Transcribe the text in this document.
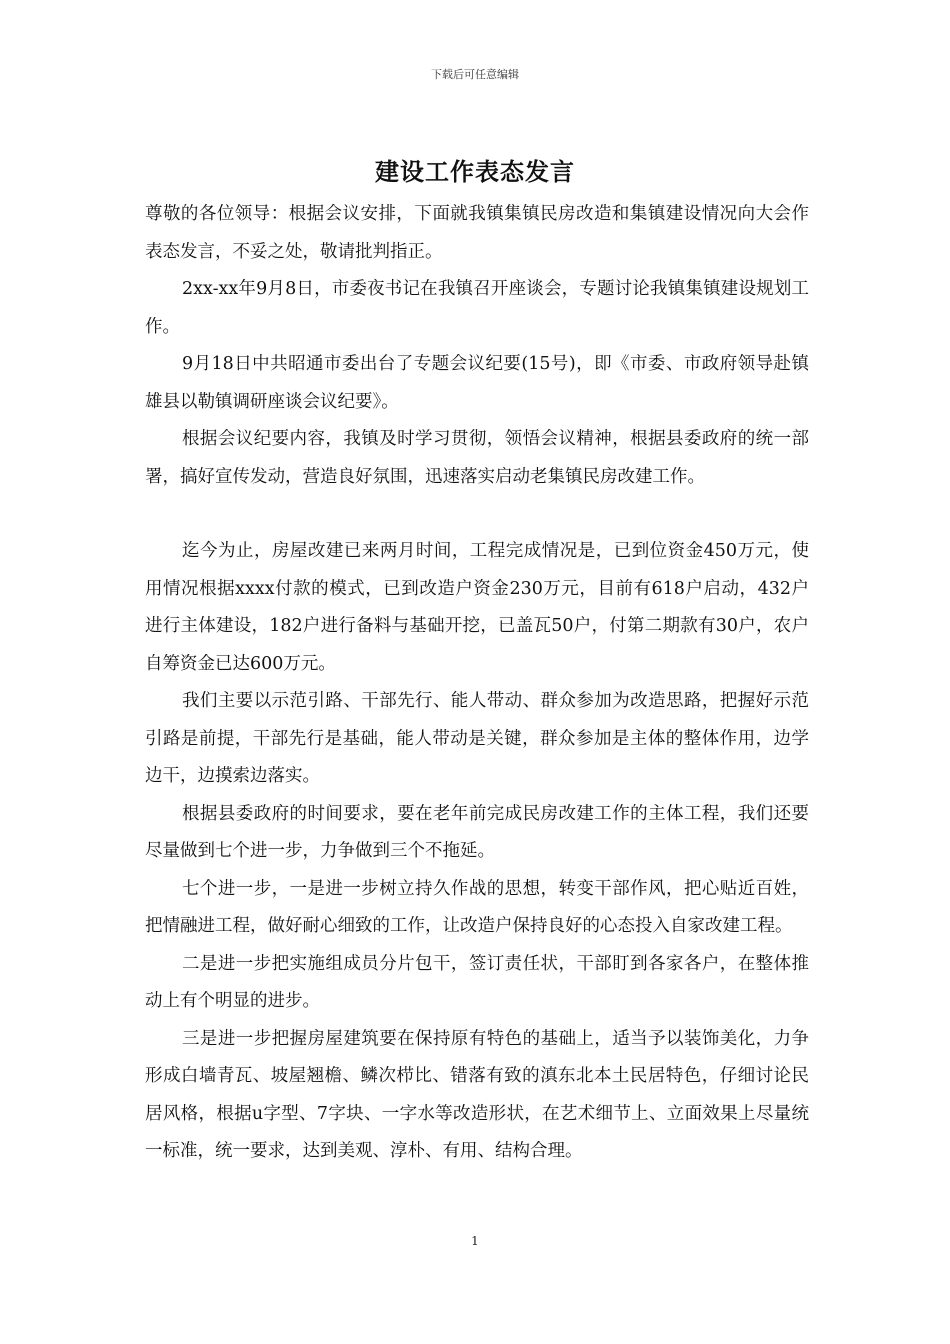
下载后可任意编辑
建设工作表态发言

尊敬的各位领导：根据会议安排，下面就我镇集镇民房改造和集镇建设情况向大会作表态发言，不妥之处，敬请批判指正。

2xx-xx年9月8日，市委夜书记在我镇召开座谈会，专题讨论我镇集镇建设规划工作。

9月18日中共昭通市委出台了专题会议纪要(15号)，即《市委、市政府领导赴镇雄县以勒镇调研座谈会议纪要》。

根据会议纪要内容，我镇及时学习贯彻，领悟会议精神，根据县委政府的统一部署，搞好宣传发动，营造良好氛围，迅速落实启动老集镇民房改建工作。

迄今为止，房屋改建已来两月时间，工程完成情况是，已到位资金450万元，使用情况根据xxxx付款的模式，已到改造户资金230万元，目前有618户启动，432户进行主体建设，182户进行备料与基础开挖，已盖瓦50户，付第二期款有30户，农户自筹资金已达600万元。

我们主要以示范引路、干部先行、能人带动、群众参加为改造思路，把握好示范引路是前提，干部先行是基础，能人带动是关键，群众参加是主体的整体作用，边学边干，边摸索边落实。

根据县委政府的时间要求，要在老年前完成民房改建工作的主体工程，我们还要尽量做到七个进一步，力争做到三个不拖延。

七个进一步，一是进一步树立持久作战的思想，转变干部作风，把心贴近百姓，把情融进工程，做好耐心细致的工作，让改造户保持良好的心态投入自家改建工程。

二是进一步把实施组成员分片包干，签订责任状，干部盯到各家各户，在整体推动上有个明显的进步。

三是进一步把握房屋建筑要在保持原有特色的基础上，适当予以装饰美化，力争形成白墙青瓦、坡屋翘檐、鳞次栉比、错落有致的滇东北本土民居特色，仔细讨论民居风格，根据u字型、7字块、一字水等改造形状，在艺术细节上、立面效果上尽量统一标准，统一要求，达到美观、淳朴、有用、结构合理。

1
